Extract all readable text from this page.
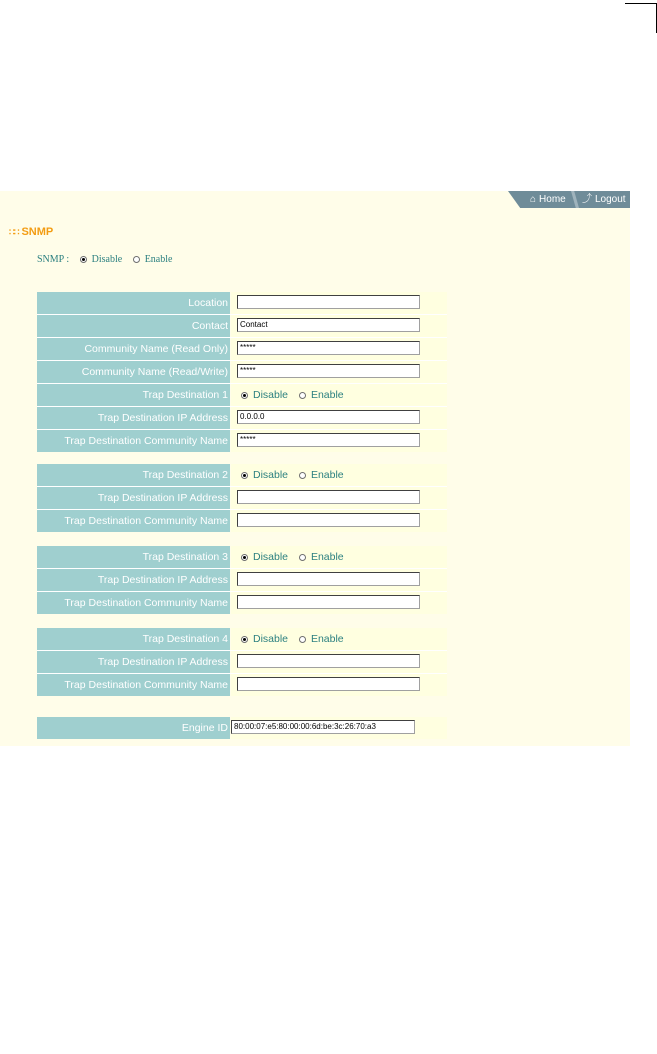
⌂ Home ⤴ Logout
∷∷ SNMP
SNMP : Disable Enable
Location
Contact	Contact
Community Name (Read Only)	*****
Community Name (Read/Write)	*****
Trap Destination 1	Disable Enable
Trap Destination IP Address	0.0.0.0
Trap Destination Community Name	*****
Trap Destination 2	Disable Enable
Trap Destination IP Address
Trap Destination Community Name
Trap Destination 3	Disable Enable
Trap Destination IP Address
Trap Destination Community Name
Trap Destination 4	Disable Enable
Trap Destination IP Address
Trap Destination Community Name
Engine ID 80:00:07:e5:80:00:00:6d:be:3c:26:70:a3
